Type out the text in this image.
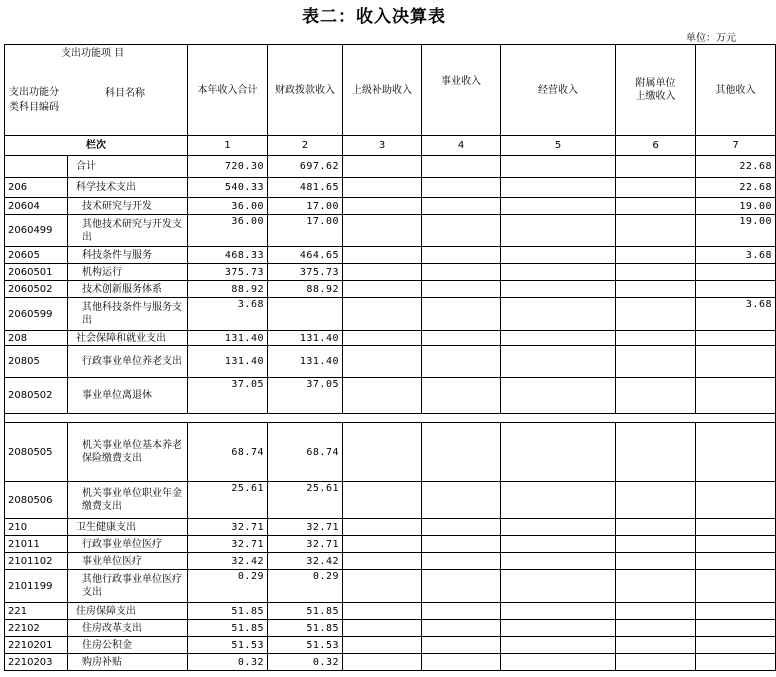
表二：收入决算表
单位：万元
支出功能项 目
支出功能分类科目编码
科目名称		本年收入合计	财政拨款收入	上级补助收入	事业收入	经营收入	附属单位上缴收入	其他收入
栏次		1	2	3	4	5	6	7
	合计	720.30	697.62					22.68
206	科学技术支出	540.33	481.65					22.68
20604	技术研究与开发	36.00	17.00					19.00
2060499	其他技术研究与开发支出	36.00	17.00					19.00
20605	科技条件与服务	468.33	464.65					3.68
2060501	机构运行	375.73	375.73					
2060502	技术创新服务体系	88.92	88.92					
2060599	其他科技条件与服务支出	3.68						3.68
208	社会保障和就业支出	131.40	131.40					
20805	行政事业单位养老支出	131.40	131.40					
2080502	事业单位离退休	37.05	37.05					

2080505	机关事业单位基本养老保险缴费支出	68.74	68.74					
2080506	机关事业单位职业年金缴费支出	25.61	25.61					
210	卫生健康支出	32.71	32.71					
21011	行政事业单位医疗	32.71	32.71					
2101102	事业单位医疗	32.42	32.42					
2101199	其他行政事业单位医疗支出	0.29	0.29					
221	住房保障支出	51.85	51.85					
22102	住房改革支出	51.85	51.85					
2210201	住房公积金	51.53	51.53					
2210203	购房补贴	0.32	0.32					
